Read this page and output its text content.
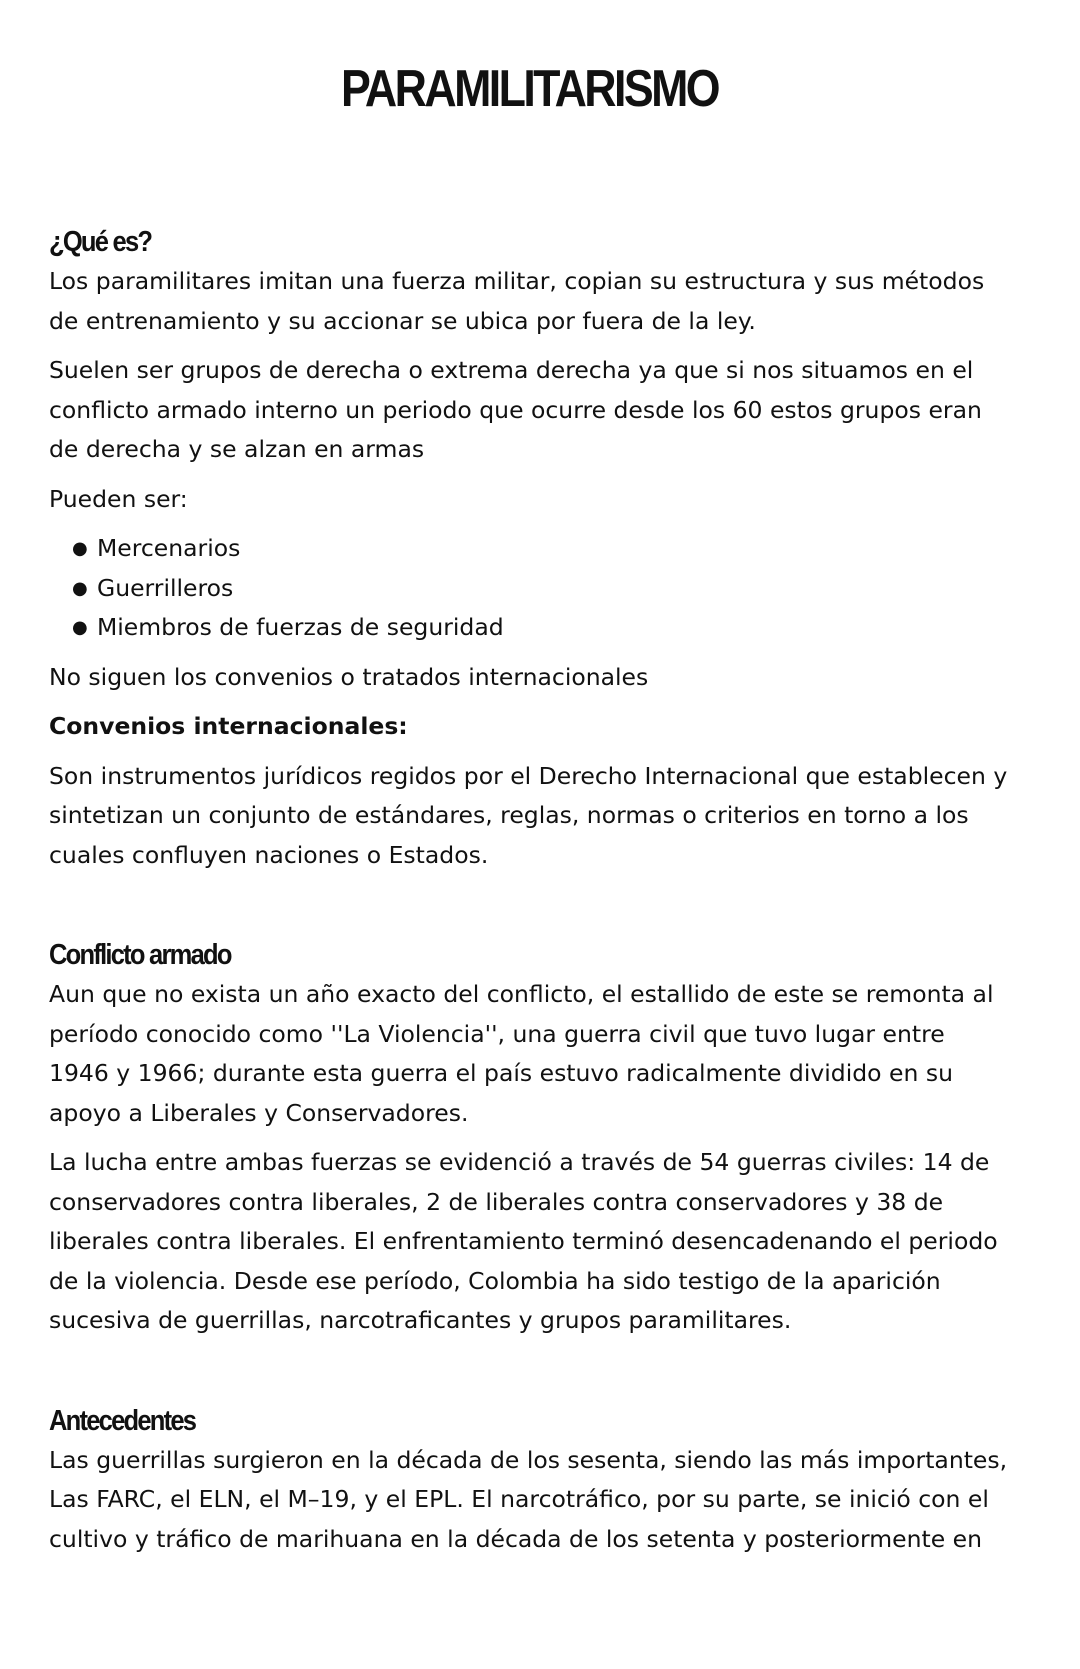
PARAMILITARISMO
¿Qué es?

Los paramilitares imitan una fuerza militar, copian su estructura y sus métodos de entrenamiento y su accionar se ubica por fuera de la ley.

Suelen ser grupos de derecha o extrema derecha ya que si nos situamos en el conflicto armado interno un periodo que ocurre desde los 60 estos grupos eran de derecha y se alzan en armas

Pueden ser:

● Mercenarios
● Guerrilleros
● Miembros de fuerzas de seguridad

No siguen los convenios o tratados internacionales

Convenios internacionales:

Son instrumentos jurídicos regidos por el Derecho Internacional que establecen y sintetizan un conjunto de estándares, reglas, normas o criterios en torno a los cuales confluyen naciones o Estados.

Conflicto armado

Aun que no exista un año exacto del conflicto, el estallido de este se remonta al período conocido como ''La Violencia'', una guerra civil que tuvo lugar entre 1946 y 1966; durante esta guerra el país estuvo radicalmente dividido en su apoyo a Liberales y Conservadores.

La lucha entre ambas fuerzas se evidenció a través de 54 guerras civiles: 14 de conservadores contra liberales, 2 de liberales contra conservadores y 38 de liberales contra liberales. El enfrentamiento terminó desencadenando el periodo de la violencia. Desde ese período, Colombia ha sido testigo de la aparición sucesiva de guerrillas, narcotraficantes y grupos paramilitares.

Antecedentes

Las guerrillas surgieron en la década de los sesenta, siendo las más importantes, Las FARC, el ELN, el M–19, y el EPL. El narcotráfico, por su parte, se inició con el cultivo y tráfico de marihuana en la década de los setenta y posteriormente en
